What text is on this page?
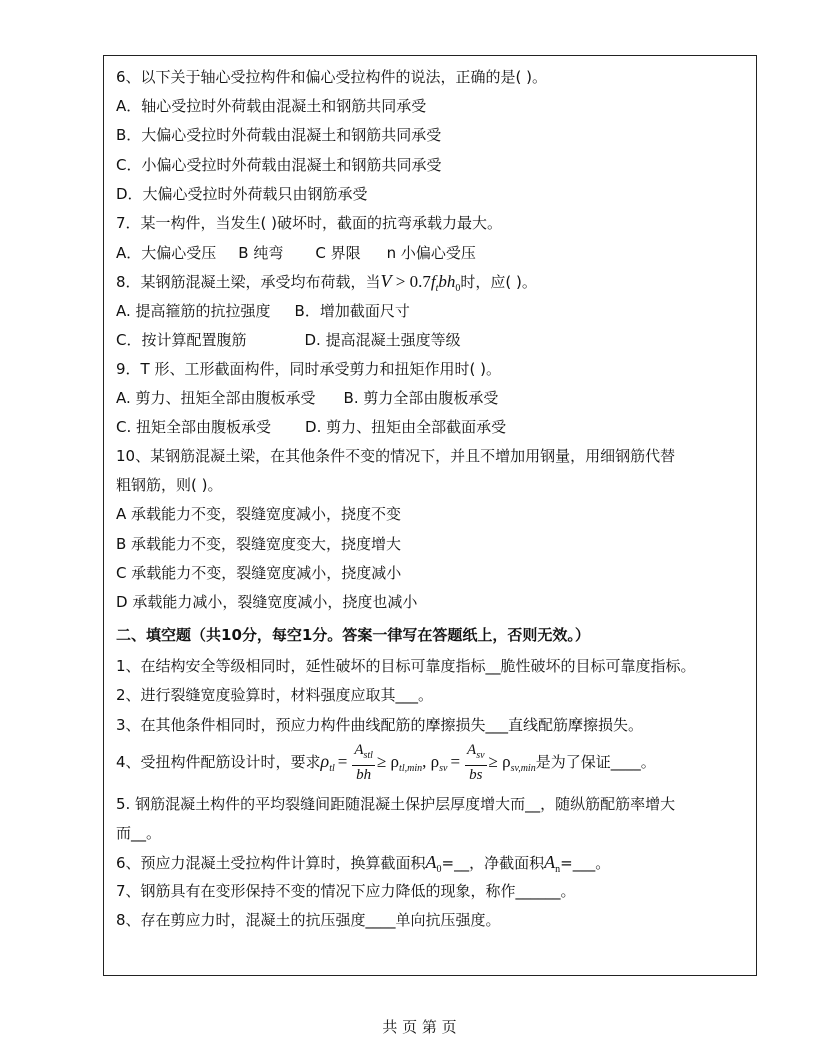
6、以下关于轴心受拉构件和偏心受拉构件的说法，正确的是( )。
A．轴心受拉时外荷载由混凝土和钢筋共同承受
B．大偏心受拉时外荷载由混凝土和钢筋共同承受
C．小偏心受拉时外荷载由混凝土和钢筋共同承受
D．大偏心受拉时外荷载只由钢筋承受
7．某一构件，当发生( )破坏时，截面的抗弯承载力最大。
A．大偏心受压 B 纯弯 C 界限 n 小偏心受压
8．某钢筋混凝土梁，承受均布荷载，当$V > 0.7f_tbh_0$时，应( )。
A. 提高箍筋的抗拉强度 B．增加截面尺寸
C．按计算配置腹筋	D. 提高混凝土强度等级
9．T 形、工形截面构件，同时承受剪力和扭矩作用时( )。
A. 剪力、扭矩全部由腹板承受 B. 剪力全部由腹板承受
C. 扭矩全部由腹板承受 D. 剪力、扭矩由全部截面承受
10、某钢筋混凝土梁，在其他条件不变的情况下，并且不增加用钢量，用细钢筋代替
粗钢筋，则( )。
A 承载能力不变，裂缝宽度减小，挠度不变
B 承载能力不变，裂缝宽度变大，挠度增大
C 承载能力不变，裂缝宽度减小，挠度减小
D 承载能力减小，裂缝宽度减小，挠度也减小
二、填空题（共10分，每空1分。答案一律写在答题纸上，否则无效。）
1、在结构安全等级相同时，延性破坏的目标可靠度指标__脆性破坏的目标可靠度指标。
2、进行裂缝宽度验算时，材料强度应取其___。
3、在其他条件相同时，预应力构件曲线配筋的摩擦损失___直线配筋摩擦损失。
4、受扭构件配筋设计时，要求$\rho_{tl} = \frac{A_{stl}}{bh} \ge \rho_{tl,min}$, $\rho_{sv} = \frac{A_{sv}}{bs} \ge \rho_{sv,min}$是为了保证____。
5. 钢筋混凝土构件的平均裂缝间距随混凝土保护层厚度增大而__，随纵筋配筋率增大
而__。
6、预应力混凝土受拉构件计算时，换算截面积$A_0=\_\_$，净截面积$A_n=\_\_\_$。
7、钢筋具有在变形保持不变的情况下应力降低的现象，称作______。
8、存在剪应力时，混凝土的抗压强度____单向抗压强度。
共 页 第 页
